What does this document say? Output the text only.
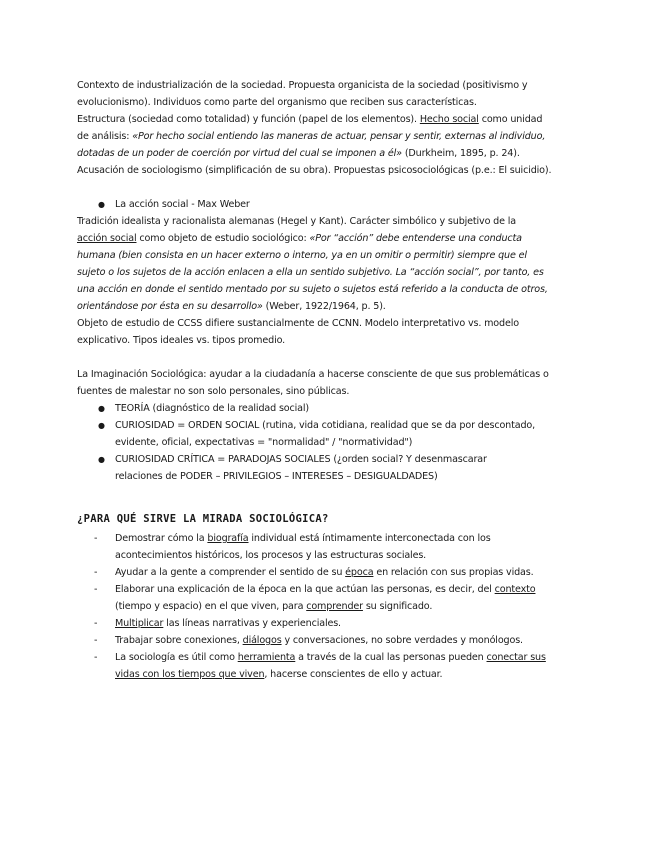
Contexto de industrialización de la sociedad. Propuesta organicista de la sociedad (positivismo y
evolucionismo). Individuos como parte del organismo que reciben sus características.
Estructura (sociedad como totalidad) y función (papel de los elementos). Hecho social como unidad
de análisis: «Por hecho social entiendo las maneras de actuar, pensar y sentir, externas al individuo,
dotadas de un poder de coerción por virtud del cual se imponen a él» (Durkheim, 1895, p. 24).
Acusación de sociologismo (simplificación de su obra). Propuestas psicosociológicas (p.e.: El suicidio).
● La acción social - Max Weber
Tradición idealista y racionalista alemanas (Hegel y Kant). Carácter simbólico y subjetivo de la
acción social como objeto de estudio sociológico: «Por “acción” debe entenderse una conducta
humana (bien consista en un hacer externo o interno, ya en un omitir o permitir) siempre que el
sujeto o los sujetos de la acción enlacen a ella un sentido subjetivo. La “acción social”, por tanto, es
una acción en donde el sentido mentado por su sujeto o sujetos está referido a la conducta de otros,
orientándose por ésta en su desarrollo» (Weber, 1922/1964, p. 5).
Objeto de estudio de CCSS difiere sustancialmente de CCNN. Modelo interpretativo vs. modelo
explicativo. Tipos ideales vs. tipos promedio.
La Imaginación Sociológica: ayudar a la ciudadanía a hacerse consciente de que sus problemáticas o
fuentes de malestar no son solo personales, sino públicas.
● TEORÍA (diagnóstico de la realidad social)
● CURIOSIDAD = ORDEN SOCIAL (rutina, vida cotidiana, realidad que se da por descontado,
evidente, oficial, expectativas = "normalidad" / "normatividad")
● CURIOSIDAD CRÍTICA = PARADOJAS SOCIALES (¿orden social? Y desenmascarar
relaciones de PODER – PRIVILEGIOS – INTERESES – DESIGUALDADES)
¿PARA QUÉ SIRVE LA MIRADA SOCIOLÓGICA?
- Demostrar cómo la biografía individual está íntimamente interconectada con los
acontecimientos históricos, los procesos y las estructuras sociales.
- Ayudar a la gente a comprender el sentido de su época en relación con sus propias vidas.
- Elaborar una explicación de la época en la que actúan las personas, es decir, del contexto
(tiempo y espacio) en el que viven, para comprender su significado.
- Multiplicar las líneas narrativas y experienciales.
- Trabajar sobre conexiones, diálogos y conversaciones, no sobre verdades y monólogos.
- La sociología es útil como herramienta a través de la cual las personas pueden conectar sus
vidas con los tiempos que viven, hacerse conscientes de ello y actuar.
